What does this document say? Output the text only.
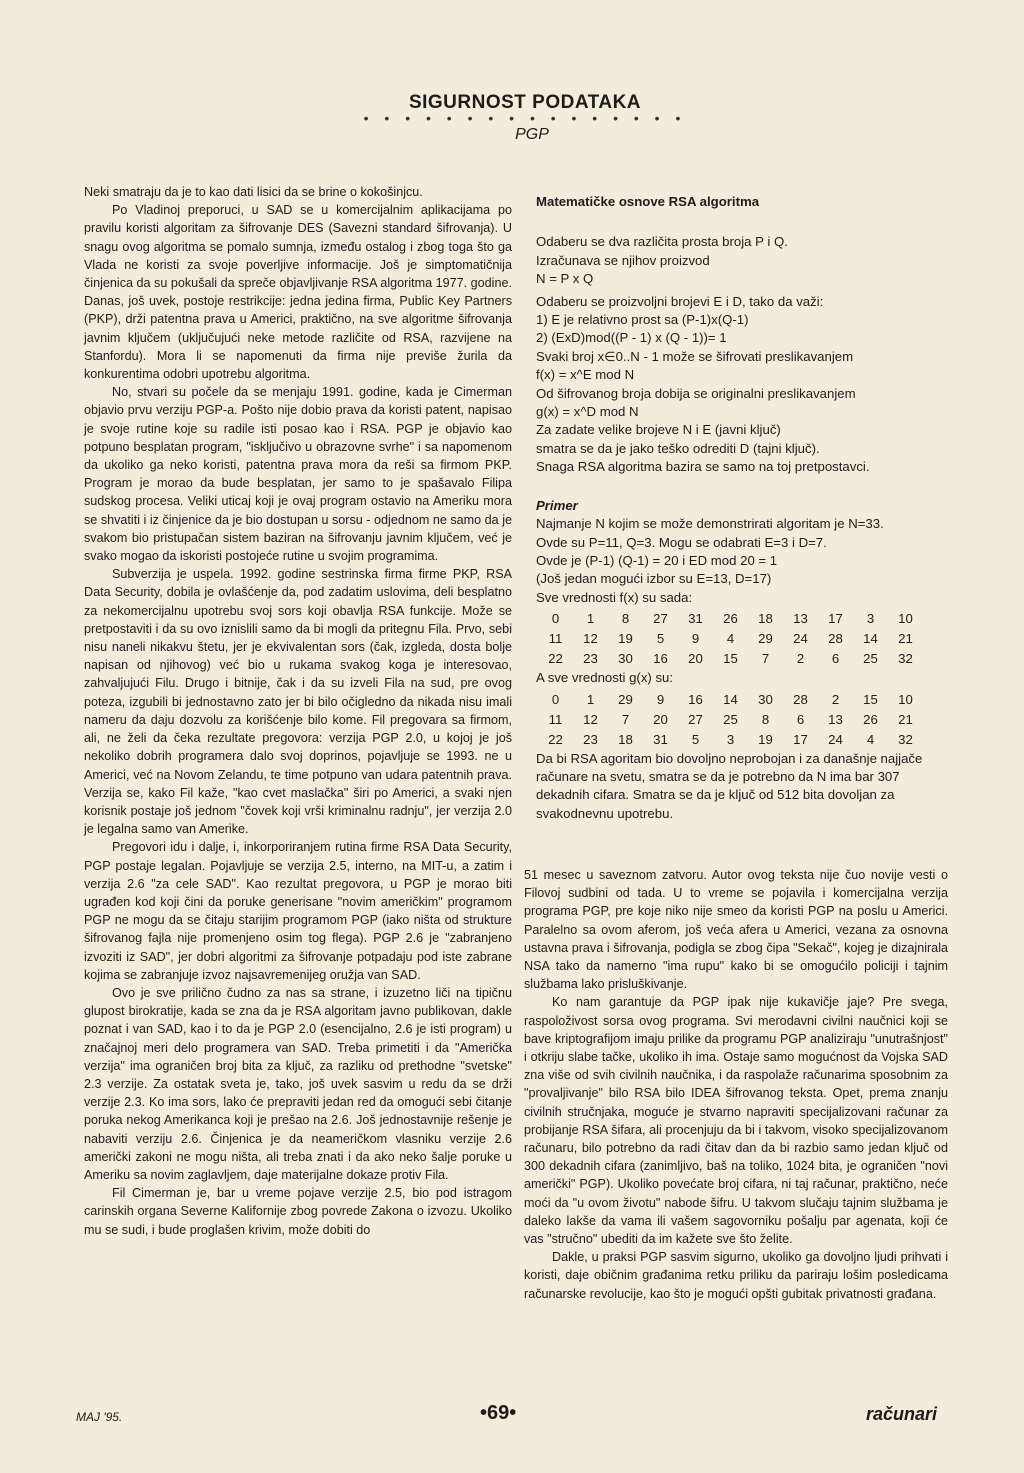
SIGURNOST PODATAKA
• • • • • • • • • • • • • • • •
PGP

Neki smatraju da je to kao dati lisici da se brine o kokošinjcu.

Po Vladinoj preporuci, u SAD se u komercijalnim aplikacijama po pravilu koristi algoritam za šifrovanje DES (Savezni standard šifrovanja). U snagu ovog algoritma se pomalo sumnja, između ostalog i zbog toga što ga Vlada ne koristi za svoje poverljive informacije. Još je simptomatičnija činjenica da su pokušali da spreče objavljivanje RSA algoritma 1977. godine. Danas, još uvek, postoje restrikcije: jedna jedina firma, Public Key Partners (PKP), drži patentna prava u Americi, praktično, na sve algoritme šifrovanja javnim ključem (uključujući neke metode različite od RSA, razvijene na Stanfordu). Mora li se napomenuti da firma nije previše žurila da konkurentima odobri upotrebu algoritma.

No, stvari su počele da se menjaju 1991. godine, kada je Cimerman objavio prvu verziju PGP-a. Pošto nije dobio prava da koristi patent, napisao je svoje rutine koje su radile isti posao kao i RSA. PGP je objavio kao potpuno besplatan program, "isključivo u obrazovne svrhe" i sa napomenom da ukoliko ga neko koristi, patentna prava mora da reši sa firmom PKP. Program je morao da bude besplatan, jer samo to je spašavalo Filipa sudskog procesa. Veliki uticaj koji je ovaj program ostavio na Ameriku mora se shvatiti i iz činjenice da je bio dostupan u sorsu - odjednom ne samo da je svakom bio pristupačan sistem baziran na šifrovanju javnim ključem, već je svako mogao da iskoristi postojeće rutine u svojim programima.

Subverzija je uspela. 1992. godine sestrinska firma firme PKP, RSA Data Security, dobila je ovlašćenje da, pod zadatim uslovima, deli besplatno za nekomercijalnu upotrebu svoj sors koji obavlja RSA funkcije. Može se pretpostaviti i da su ovo iznislili samo da bi mogli da pritegnu Fila. Prvo, sebi nisu naneli nikakvu štetu, jer je ekvivalentan sors (čak, izgleda, dosta bolje napisan od njihovog) već bio u rukama svakog koga je interesovao, zahvaljujući Filu. Drugo i bitnije, čak i da su izveli Fila na sud, pre ovog poteza, izgubili bi jednostavno zato jer bi bilo očigledno da nikada nisu imali nameru da daju dozvolu za korišćenje bilo kome. Fil pregovara sa firmom, ali, ne želi da čeka rezultate pregovora: verzija PGP 2.0, u kojoj je još nekoliko dobrih programera dalo svoj doprinos, pojavljuje se 1993. ne u Americi, već na Novom Zelandu, te time potpuno van udara patentnih prava. Verzija se, kako Fil kaže, "kao cvet maslačka" širi po Americi, a svaki njen korisnik postaje još jednom "čovek koji vrši kriminalnu radnju", jer verzija 2.0 je legalna samo van Amerike.

Pregovori idu i dalje, i, inkorporiranjem rutina firme RSA Data Security, PGP postaje legalan. Pojavljuje se verzija 2.5, interno, na MIT-u, a zatim i verzija 2.6 "za cele SAD". Kao rezultat pregovora, u PGP je morao biti ugrađen kod koji čini da poruke generisane "novim američkim" programom PGP ne mogu da se čitaju starijim programom PGP (iako ništa od strukture šifrovanog fajla nije promenjeno osim tog flega). PGP 2.6 je "zabranjeno izvoziti iz SAD", jer dobri algoritmi za šifrovanje potpadaju pod iste zabrane kojima se zabranjuje izvoz najsavremenijeg oružja van SAD.

Ovo je sve prilično čudno za nas sa strane, i izuzetno liči na tipičnu glupost birokratije, kada se zna da je RSA algoritam javno publikovan, dakle poznat i van SAD, kao i to da je PGP 2.0 (esencijalno, 2.6 je isti program) u značajnoj meri delo programera van SAD. Treba primetiti i da "Američka verzija" ima ograničen broj bita za ključ, za razliku od prethodne "svetske" 2.3 verzije. Za ostatak sveta je, tako, još uvek sasvim u redu da se drži verzije 2.3. Ko ima sors, lako će prepraviti jedan red da omogući sebi čitanje poruka nekog Amerikanca koji je prešao na 2.6. Još jednostavnije rešenje je nabaviti verziju 2.6. Činjenica je da neameričkom vlasniku verzije 2.6 američki zakoni ne mogu ništa, ali treba znati i da ako neko šalje poruke u Ameriku sa novim zaglavljem, daje materijalne dokaze protiv Fila.

Fil Cimerman je, bar u vreme pojave verzije 2.5, bio pod istragom carinskih organa Severne Kalifornije zbog povrede Zakona o izvozu. Ukoliko mu se sudi, i bude proglašen krivim, može dobiti do

Matematičke osnove RSA algoritma

Odaberu se dva različita prosta broja P i Q.

Izračunava se njihov proizvod

N = P x Q

Odaberu se proizvoljni brojevi E i D, tako da važi:

1) E je relativno prost sa (P-1)x(Q-1)

2) (ExD)mod((P - 1) x (Q - 1))= 1

Svaki broj x∈0..N - 1 može se šifrovati preslikavanjem

f(x) = x^E mod N

Od šifrovanog broja dobija se originalni preslikavanjem

g(x) = x^D mod N

Za zadate velike brojeve N i E (javni ključ)

smatra se da je jako teško odrediti D (tajni ključ).

Snaga RSA algoritma bazira se samo na toj pretpostavci.

Primer

Najmanje N kojim se može demonstrirati algoritam je N=33.

Ovde su P=11, Q=3. Mogu se odabrati E=3 i D=7.

Ovde je (P-1) (Q-1) = 20 i ED mod 20 = 1

(Još jedan mogući izbor su E=13, D=17)

Sve vrednosti f(x) su sada:

0	1	8	27	31	26	18	13	17	3	10
11	12	19	5	9	4	29	24	28	14	21
22	23	30	16	20	15	7	2	6	25	32

A sve vrednosti g(x) su:

0	1	29	9	16	14	30	28	2	15	10
11	12	7	20	27	25	8	6	13	26	21
22	23	18	31	5	3	19	17	24	4	32

Da bi RSA agoritam bio dovoljno neprobojan i za današnje najjače računare na svetu, smatra se da je potrebno da N ima bar 307 dekadnih cifara. Smatra se da je ključ od 512 bita dovoljan za svakodnevnu upotrebu.

51 mesec u saveznom zatvoru. Autor ovog teksta nije čuo novije vesti o Filovoj sudbini od tada. U to vreme se pojavila i komercijalna verzija programa PGP, pre koje niko nije smeo da koristi PGP na poslu u Americi. Paralelno sa ovom aferom, još veća afera u Americi, vezana za osnovna ustavna prava i šifrovanja, podigla se zbog čipa "Sekač", kojeg je dizajnirala NSA tako da namerno "ima rupu" kako bi se omogućilo policiji i tajnim službama lako prisluškivanje.

Ko nam garantuje da PGP ipak nije kukavičje jaje? Pre svega, raspoloživost sorsa ovog programa. Svi merodavni civilni naučnici koji se bave kriptografijom imaju prilike da programu PGP analiziraju "unutrašnjost" i otkriju slabe tačke, ukoliko ih ima. Ostaje samo mogućnost da Vojska SAD zna više od svih civilnih naučnika, i da raspolaže računarima sposobnim za "provaljivanje" bilo RSA bilo IDEA šifrovanog teksta. Opet, prema znanju civilnih stručnjaka, moguće je stvarno napraviti specijalizovani računar za probijanje RSA šifara, ali procenjuju da bi i takvom, visoko specijalizovanom računaru, bilo potrebno da radi čitav dan da bi razbio samo jedan ključ od 300 dekadnih cifara (zanimljivo, baš na toliko, 1024 bita, je ograničen "novi američki" PGP). Ukoliko povećate broj cifara, ni taj računar, praktično, neće moći da "u ovom životu" nabode šifru. U takvom slučaju tajnim službama je daleko lakše da vama ili vašem sagovorniku pošalju par agenata, koji će vas "stručno" ubediti da im kažete sve što želite.

Dakle, u praksi PGP sasvim sigurno, ukoliko ga dovoljno ljudi prihvati i koristi, daje običnim građanima retku priliku da pariraju lošim posledicama računarske revolucije, kao što je mogući opšti gubitak privatnosti građana.

MAJ '95.	•69•	računari
